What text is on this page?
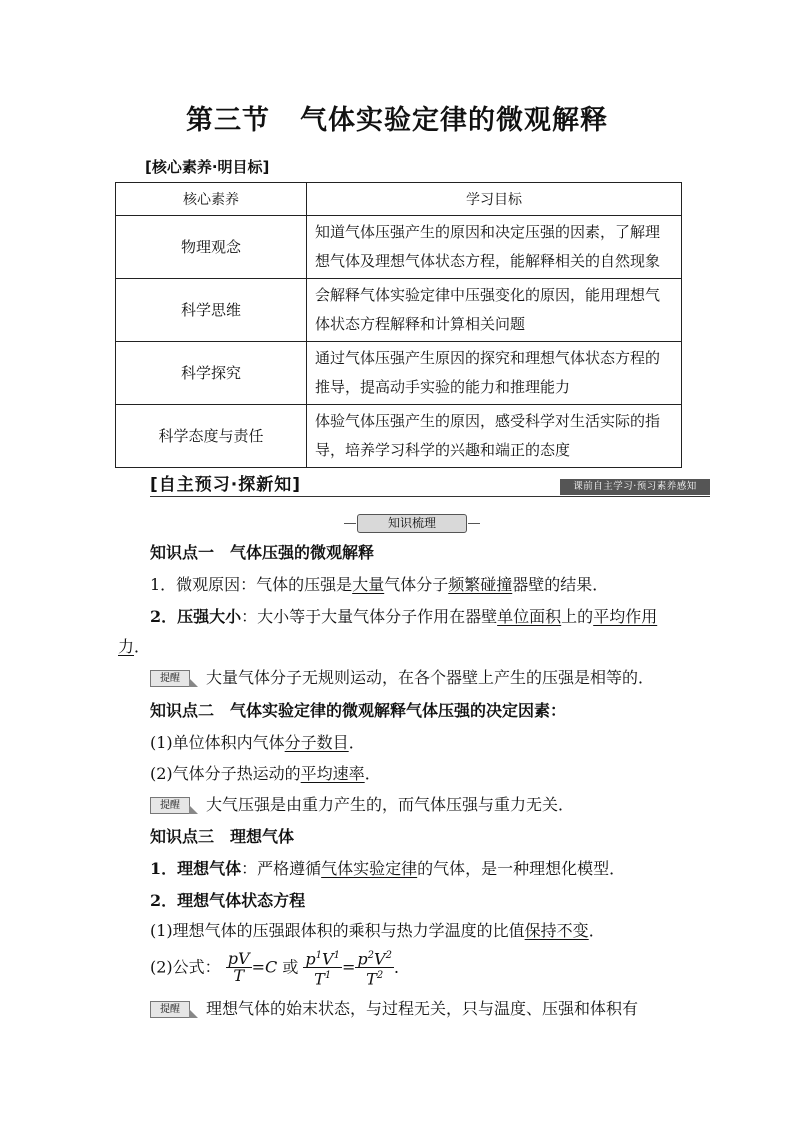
第三节 气体实验定律的微观解释
[核心素养·明目标]
核心素养	学习目标
物理观念	知道气体压强产生的原因和决定压强的因素，了解理想气体及理想气体状态方程，能解释相关的自然现象
科学思维	会解释气体实验定律中压强变化的原因，能用理想气体状态方程解释和计算相关问题
科学探究	通过气体压强产生原因的探究和理想气体状态方程的推导，提高动手实验的能力和推理能力
科学态度与责任	体验气体压强产生的原因，感受科学对生活实际的指导，培养学习科学的兴趣和端正的态度
[自主预习·探新知]	课前自主学习·预习素养感知
知识梳理
知识点一　气体压强的微观解释
1．微观原因：气体的压强是大量气体分子频繁碰撞器壁的结果．
2．压强大小：大小等于大量气体分子作用在器壁单位面积上的平均作用
力．
提醒 大量气体分子无规则运动，在各个器壁上产生的压强是相等的．
知识点二　气体实验定律的微观解释气体压强的决定因素：
(1)单位体积内气体分子数目．
(2)气体分子热运动的平均速率．
提醒 大气压强是由重力产生的，而气体压强与重力无关．
知识点三　理想气体
1．理想气体：严格遵循气体实验定律的气体，是一种理想化模型．
2．理想气体状态方程
(1)理想气体的压强跟体积的乘积与热力学温度的比值保持不变．
(2)公式： $\frac{pV}{T} =C$ 或 $\frac{p^1V^1}{T^1} = \frac{p^2V^2}{T^2}$ ．
提醒 理想气体的始末状态，与过程无关，只与温度、压强和体积有
